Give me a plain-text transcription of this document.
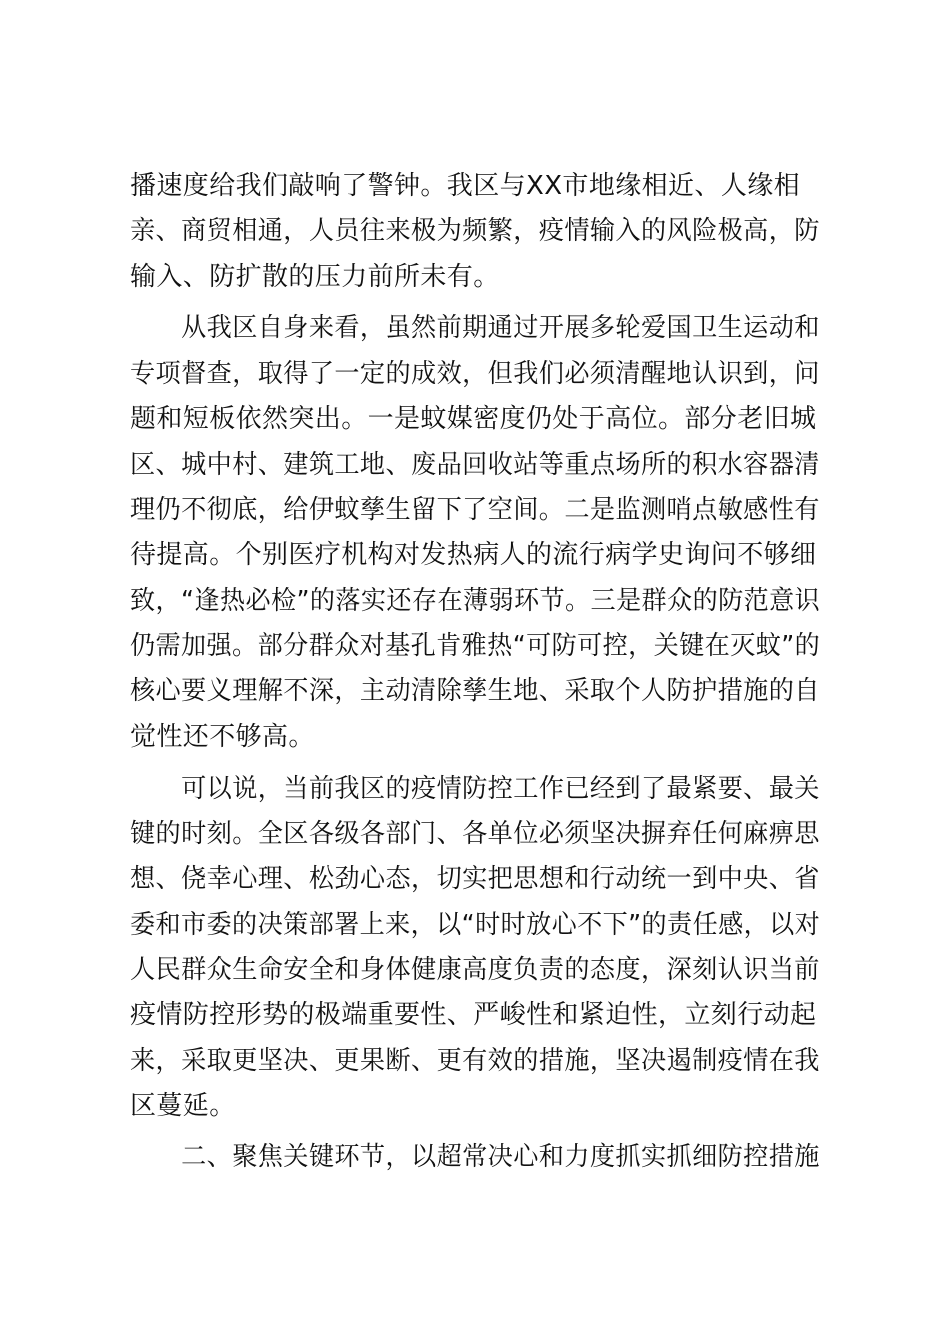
播速度给我们敲响了警钟。我区与XX市地缘相近、人缘相
亲、商贸相通，人员往来极为频繁，疫情输入的风险极高，防
输入、防扩散的压力前所未有。
　　从我区自身来看，虽然前期通过开展多轮爱国卫生运动和
专项督查，取得了一定的成效，但我们必须清醒地认识到，问
题和短板依然突出。一是蚊媒密度仍处于高位。部分老旧城
区、城中村、建筑工地、废品回收站等重点场所的积水容器清
理仍不彻底，给伊蚊孳生留下了空间。二是监测哨点敏感性有
待提高。个别医疗机构对发热病人的流行病学史询问不够细
致，“逢热必检”的落实还存在薄弱环节。三是群众的防范意识
仍需加强。部分群众对基孔肯雅热“可防可控，关键在灭蚊”的
核心要义理解不深，主动清除孳生地、采取个人防护措施的自
觉性还不够高。
　　可以说，当前我区的疫情防控工作已经到了最紧要、最关
键的时刻。全区各级各部门、各单位必须坚决摒弃任何麻痹思
想、侥幸心理、松劲心态，切实把思想和行动统一到中央、省
委和市委的决策部署上来，以“时时放心不下”的责任感，以对
人民群众生命安全和身体健康高度负责的态度，深刻认识当前
疫情防控形势的极端重要性、严峻性和紧迫性，立刻行动起
来，采取更坚决、更果断、更有效的措施，坚决遏制疫情在我
区蔓延。
　　二、聚焦关键环节，以超常决心和力度抓实抓细防控措施
